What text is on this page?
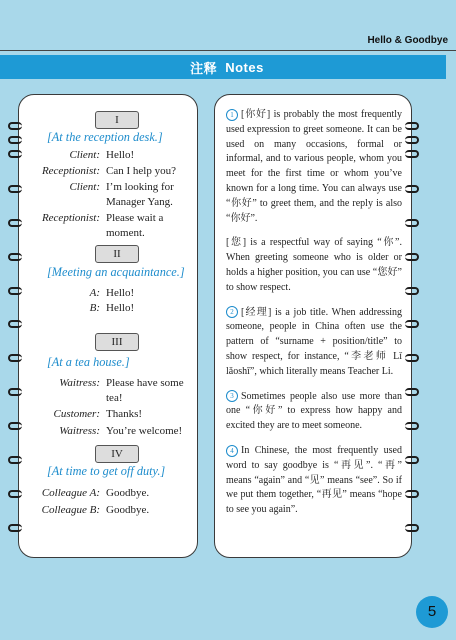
Hello & Goodbye
注释 Notes
I
[At the reception desk.]
Client: Hello!
Receptionist: Can I help you?
Client: I’m looking for Manager Yang.
Receptionist: Please wait a moment.
II
[Meeting an acquaintance.]
A: Hello!
B: Hello!
III
[At a tea house.]
Waitress: Please have some tea!
Customer: Thanks!
Waitress: You’re welcome!
IV
[At time to get off duty.]
Colleague A: Goodbye.
Colleague B: Goodbye.
1 [你好] is probably the most frequently used expression to greet someone. It can be used on many occasions, formal or informal, and to various people, whom you meet for the first time or whom you’ve known for a long time. You can always use “你好” to greet them, and the reply is also “你好”.
[您] is a respectful way of saying “你”. When greeting someone who is older or holds a higher position, you can use “您好” to show respect.
2 [经理] is a job title. When addressing someone, people in China often use the pattern of “surname + position/title” to show respect, for instance, “李老师 Lǐ lǎoshī”, which literally means Teacher Li.
3 Sometimes people also use more than one “你好” to express how happy and excited they are to meet someone.
4 In Chinese, the most frequently used word to say goodbye is “再见”. “再” means “again” and “见” means “see”. So if we put them together, “再见” means “hope to see you again”.
5
